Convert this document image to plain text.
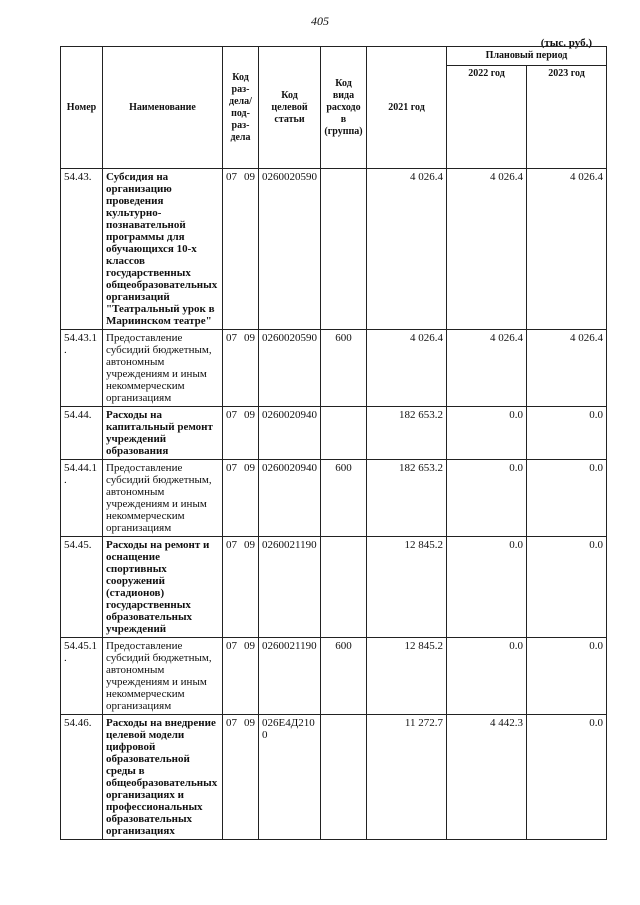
405
(тыс. руб.)
Номер	Наименование	Код раз-дела/ под-раз-дела	Код целевой статьи	Код вида расходов (группа)	2021 год	Плановый период	
						2022 год	2023 год
54.43.	Субсидия на организацию проведения культурно-познавательной программы для обучающихся 10-х классов государственных общеобразовательных организаций "Театральный урок в Мариинском театре"	07 09	0260020590		4 026.4	4 026.4	4 026.4
54.43.1.	Предоставление субсидий бюджетным, автономным учреждениям и иным некоммерческим организациям	07 09	0260020590	600	4 026.4	4 026.4	4 026.4
54.44.	Расходы на капитальный ремонт учреждений образования	07 09	0260020940		182 653.2	0.0	0.0
54.44.1.	Предоставление субсидий бюджетным, автономным учреждениям и иным некоммерческим организациям	07 09	0260020940	600	182 653.2	0.0	0.0
54.45.	Расходы на ремонт и оснащение спортивных сооружений (стадионов) государственных образовательных учреждений	07 09	0260021190		12 845.2	0.0	0.0
54.45.1.	Предоставление субсидий бюджетным, автономным учреждениям и иным некоммерческим организациям	07 09	0260021190	600	12 845.2	0.0	0.0
54.46.	Расходы на внедрение целевой модели цифровой образовательной среды в общеобразовательных организациях и профессиональных образовательных организациях	07 09	026Е4Д2100		11 272.7	4 442.3	0.0
